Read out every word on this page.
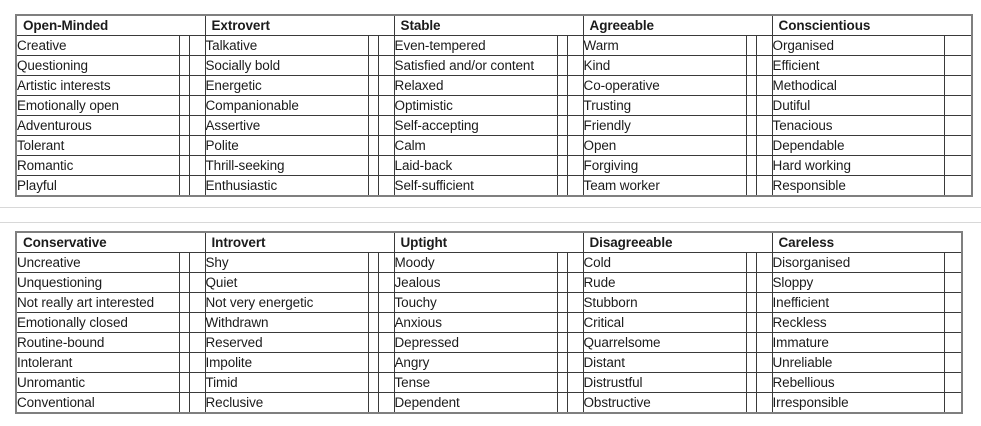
Open-Minded			Extrovert			Stable			Agreeable			Conscientious	
Creative			Talkative			Even-tempered			Warm			Organised	
Questioning			Socially bold			Satisfied and/or content			Kind			Efficient	
Artistic interests			Energetic			Relaxed			Co-operative			Methodical	
Emotionally open			Companionable			Optimistic			Trusting			Dutiful	
Adventurous			Assertive			Self-accepting			Friendly			Tenacious	
Tolerant			Polite			Calm			Open			Dependable	
Romantic			Thrill-seeking			Laid-back			Forgiving			Hard working	
Playful			Enthusiastic			Self-sufficient			Team worker			Responsible	
Conservative			Introvert			Uptight			Disagreeable			Careless	
Uncreative			Shy			Moody			Cold			Disorganised	
Unquestioning			Quiet			Jealous			Rude			Sloppy	
Not really art interested			Not very energetic			Touchy			Stubborn			Inefficient	
Emotionally closed			Withdrawn			Anxious			Critical			Reckless	
Routine-bound			Reserved			Depressed			Quarrelsome			Immature	
Intolerant			Impolite			Angry			Distant			Unreliable	
Unromantic			Timid			Tense			Distrustful			Rebellious	
Conventional			Reclusive			Dependent			Obstructive			Irresponsible	
